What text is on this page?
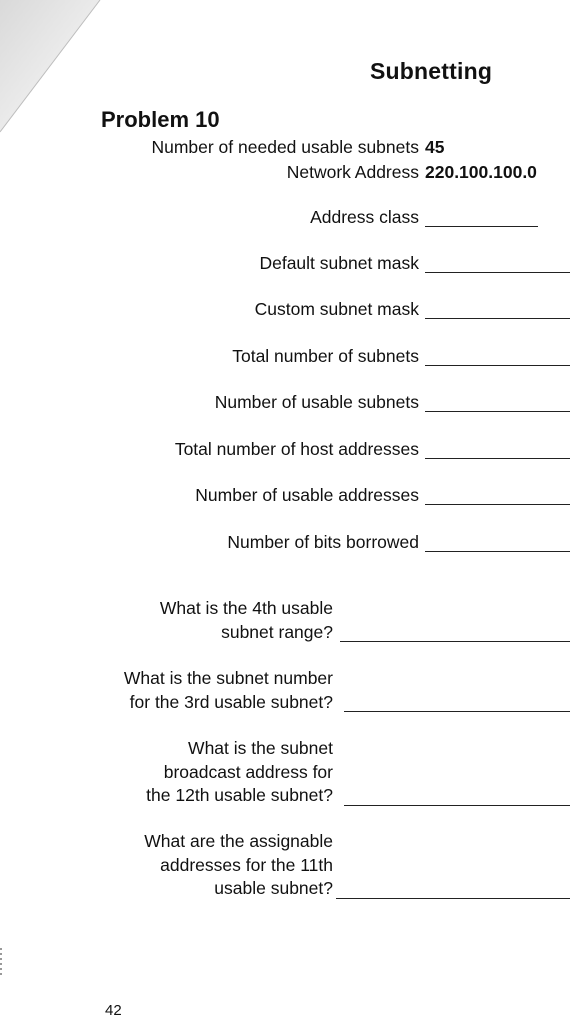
Subnetting
Problem 10
Number of needed usable subnets 45
Network Address 220.100.100.0
Address class
Default subnet mask
Custom subnet mask
Total number of subnets
Number of usable subnets
Total number of host addresses
Number of usable addresses
Number of bits borrowed
What is the 4th usable
subnet range?
What is the subnet number
for the 3rd usable subnet?
What is the subnet
broadcast address for
the 12th usable subnet?
What are the assignable
addresses for the 11th
usable subnet?
42
